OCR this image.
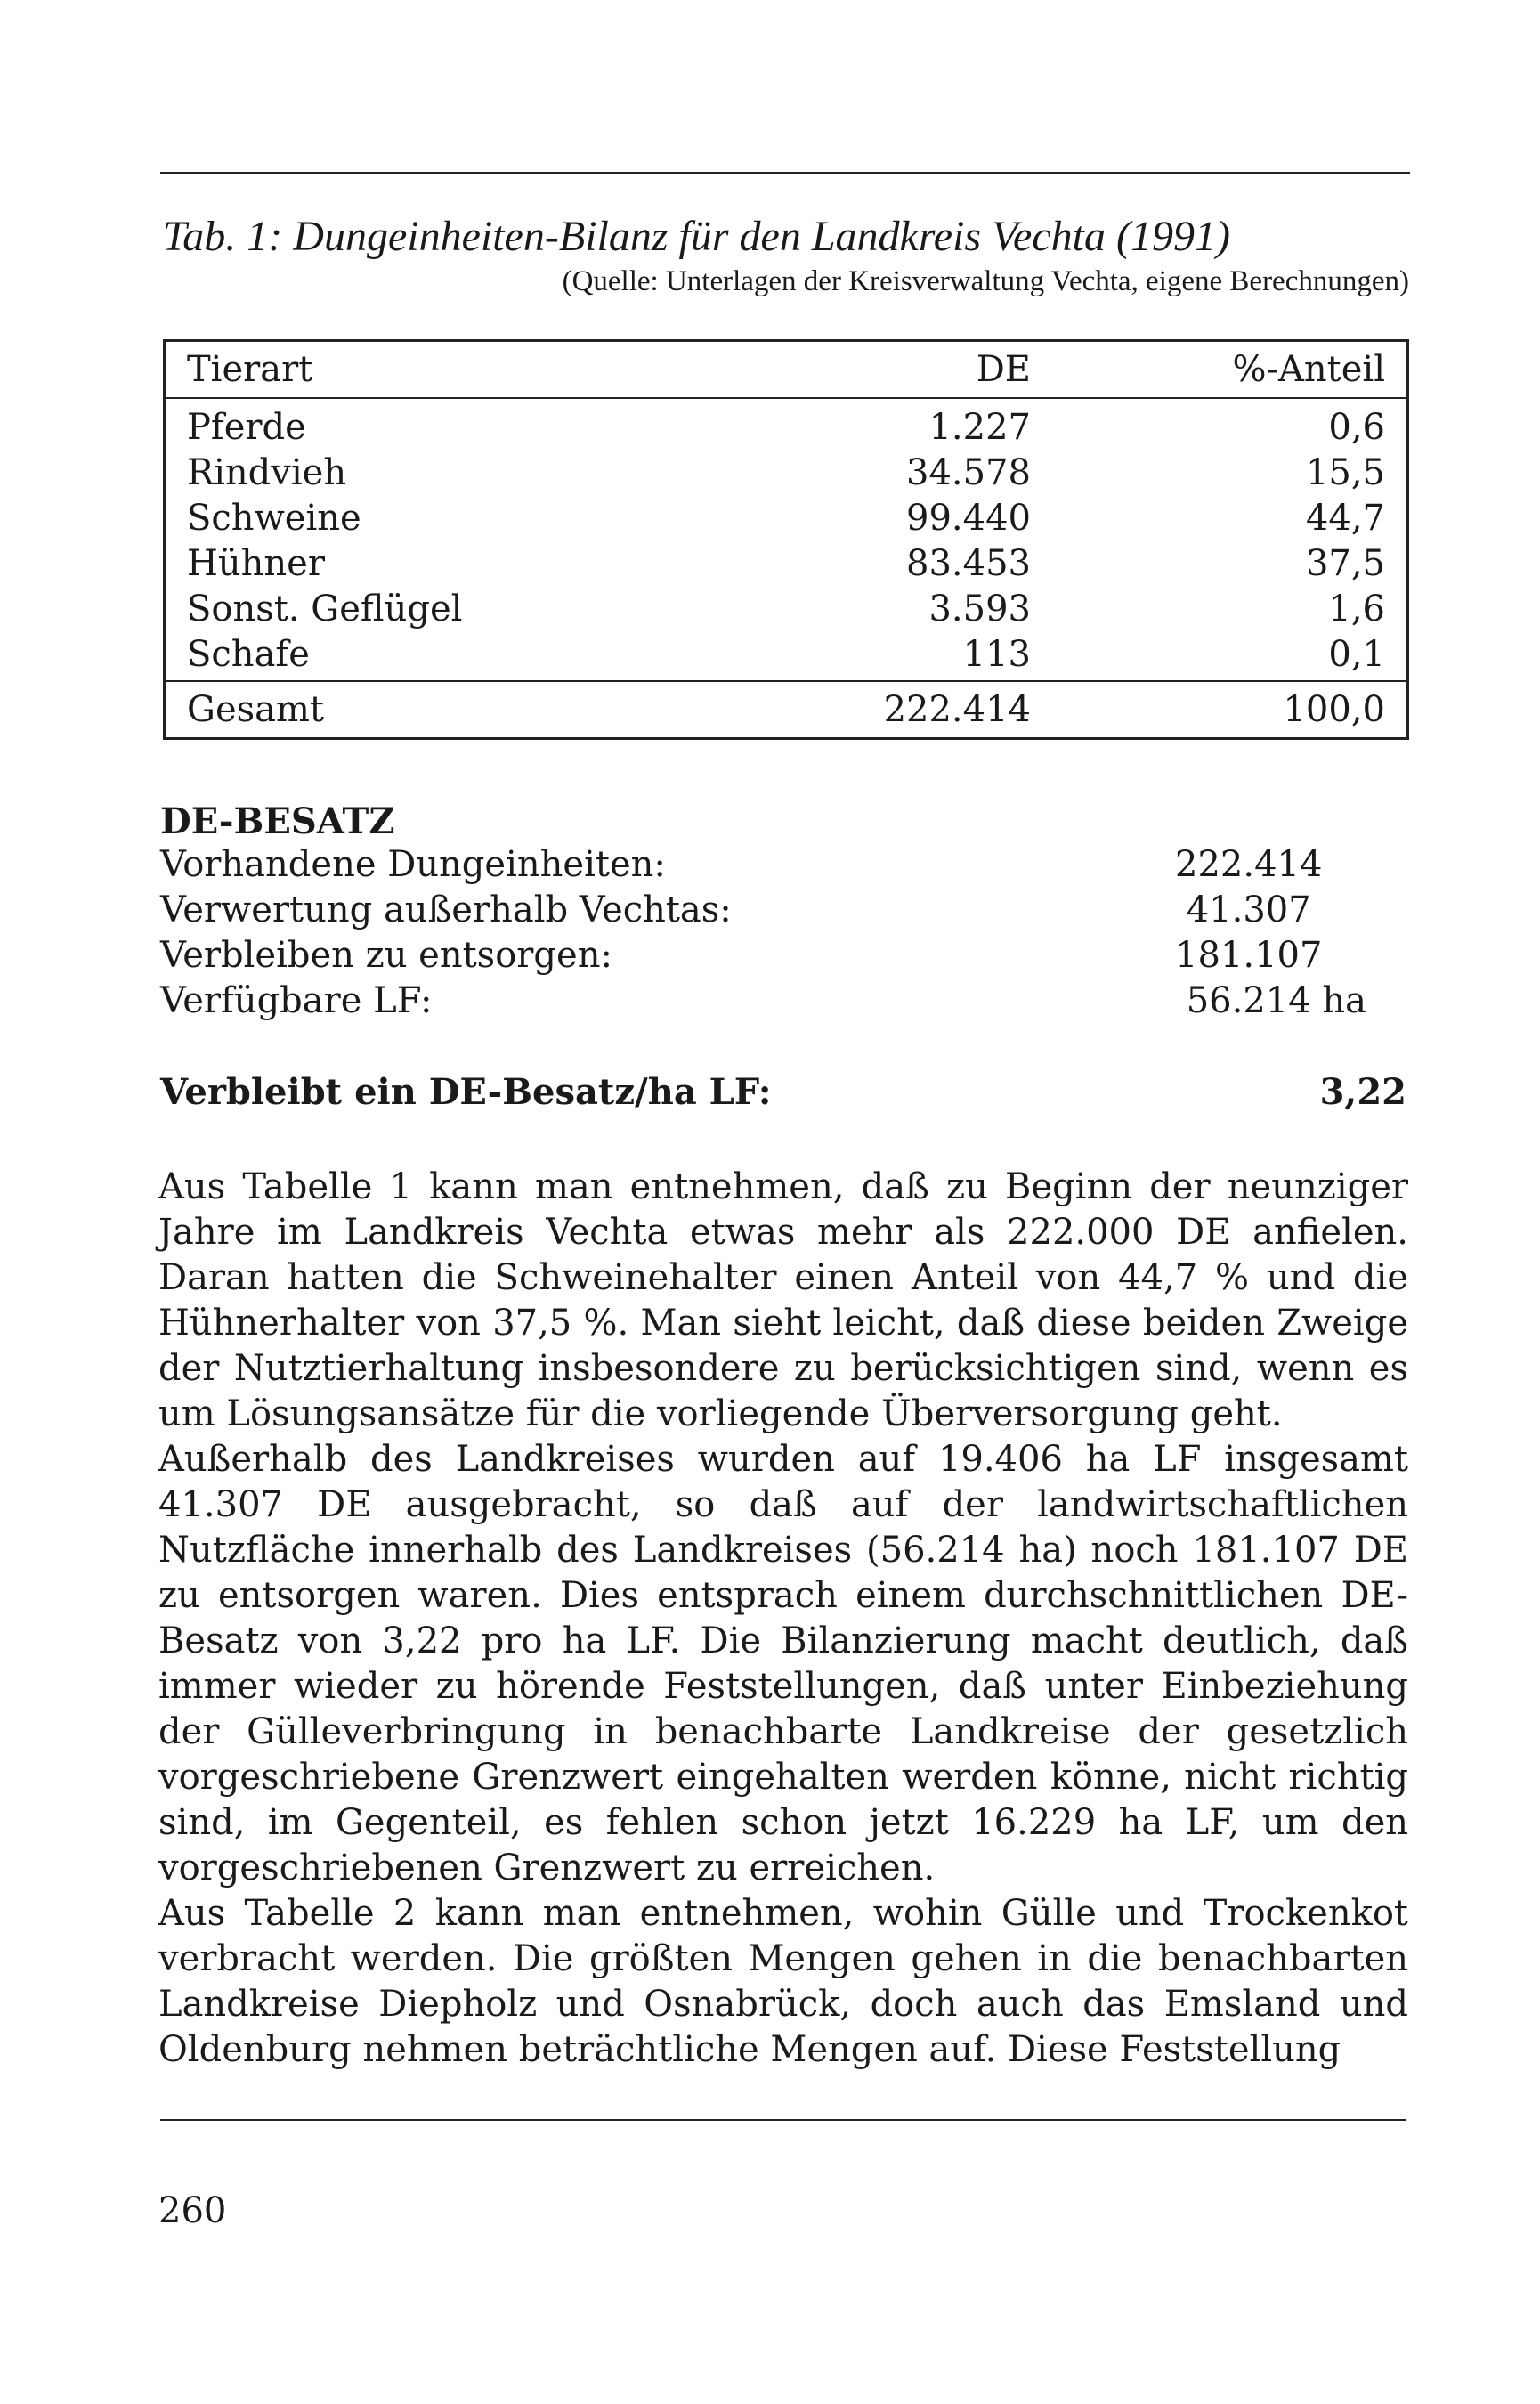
Tab. 1: Dungeinheiten-Bilanz für den Landkreis Vechta (1991)
(Quelle: Unterlagen der Kreisverwaltung Vechta, eigene Berechnungen)
Tierart	DE	%-Anteil
Pferde	1.227	0,6
Rindvieh	34.578	15,5
Schweine	99.440	44,7
Hühner	83.453	37,5
Sonst. Geflügel	3.593	1,6
Schafe	113	0,1
Gesamt	222.414	100,0
DE-BESATZ
Vorhandene Dungeinheiten:	222.414
Verwertung außerhalb Vechtas:	41.307
Verbleiben zu entsorgen:	181.107
Verfügbare LF:	56.214 ha
Verbleibt ein DE-Besatz/ha LF:	3,22

Aus Tabelle 1 kann man entnehmen, daß zu Beginn der neunziger Jahre im Landkreis Vechta etwas mehr als 222.000 DE anfielen. Daran hatten die Schweinehalter einen Anteil von 44,7 % und die Hühnerhalter von 37,5 %. Man sieht leicht, daß diese beiden Zweige der Nutztierhaltung insbesondere zu berücksichtigen sind, wenn es um Lösungsansätze für die vorliegende Überversorgung geht.

Außerhalb des Landkreises wurden auf 19.406 ha LF insgesamt 41.307 DE ausgebracht, so daß auf der landwirtschaftlichen Nutzfläche innerhalb des Landkreises (56.214 ha) noch 181.107 DE zu entsorgen waren. Dies entsprach einem durchschnittlichen DE-Besatz von 3,22 pro ha LF. Die Bilanzierung macht deutlich, daß immer wieder zu hörende Feststellungen, daß unter Einbeziehung der Gülleverbringung in benachbarte Landkreise der gesetzlich vorgeschriebene Grenzwert eingehalten werden könne, nicht richtig sind, im Gegenteil, es fehlen schon jetzt 16.229 ha LF, um den vorgeschriebenen Grenzwert zu erreichen.

Aus Tabelle 2 kann man entnehmen, wohin Gülle und Trockenkot verbracht werden. Die größten Mengen gehen in die benachbarten Landkreise Diepholz und Osnabrück, doch auch das Emsland und Oldenburg nehmen beträchtliche Mengen auf. Diese Feststellung

260
